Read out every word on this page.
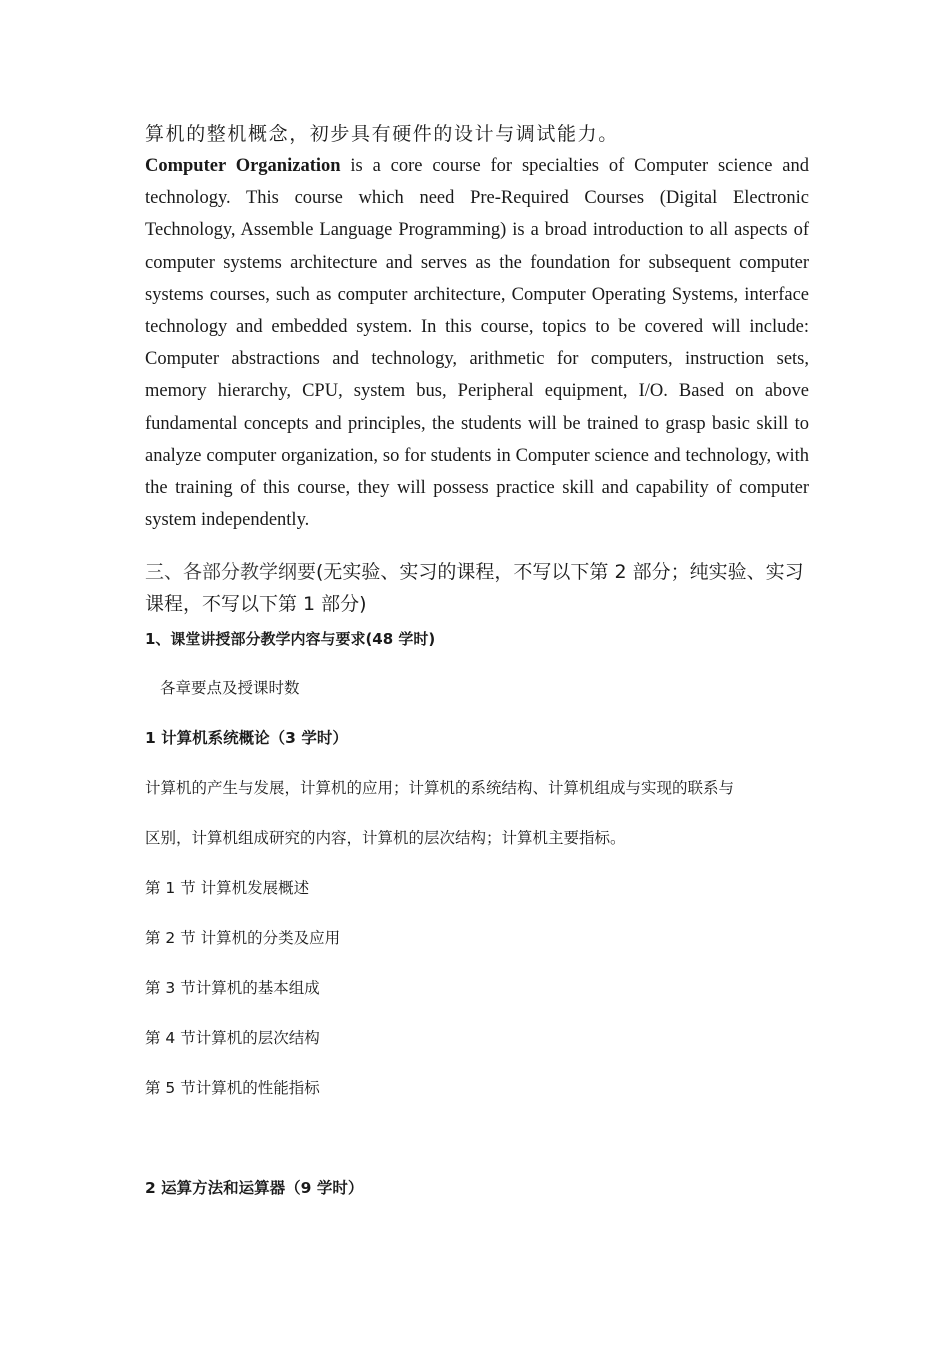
算机的整机概念，初步具有硬件的设计与调试能力。

Computer Organization is a core course for specialties of Computer science and technology. This course which need Pre-Required Courses (Digital Electronic Technology, Assemble Language Programming) is a broad introduction to all aspects of computer systems architecture and serves as the foundation for subsequent computer systems courses, such as computer architecture, Computer Operating Systems, interface technology and embedded system. In this course, topics to be covered will include: Computer abstractions and technology, arithmetic for computers, instruction sets, memory hierarchy, CPU, system bus, Peripheral equipment, I/O. Based on above fundamental concepts and principles, the students will be trained to grasp basic skill to analyze computer organization, so for students in Computer science and technology, with the training of this course, they will possess practice skill and capability of computer system independently.

三、各部分教学纲要(无实验、实习的课程，不写以下第 2 部分；纯实验、实习课程，不写以下第 1 部分)

1、课堂讲授部分教学内容与要求(48 学时)

各章要点及授课时数

1 计算机系统概论（3 学时）

计算机的产生与发展，计算机的应用；计算机的系统结构、计算机组成与实现的联系与

区别，计算机组成研究的内容，计算机的层次结构；计算机主要指标。

第 1 节 计算机发展概述

第 2 节 计算机的分类及应用

第 3 节计算机的基本组成

第 4 节计算机的层次结构

第 5 节计算机的性能指标

2 运算方法和运算器（9 学时）
